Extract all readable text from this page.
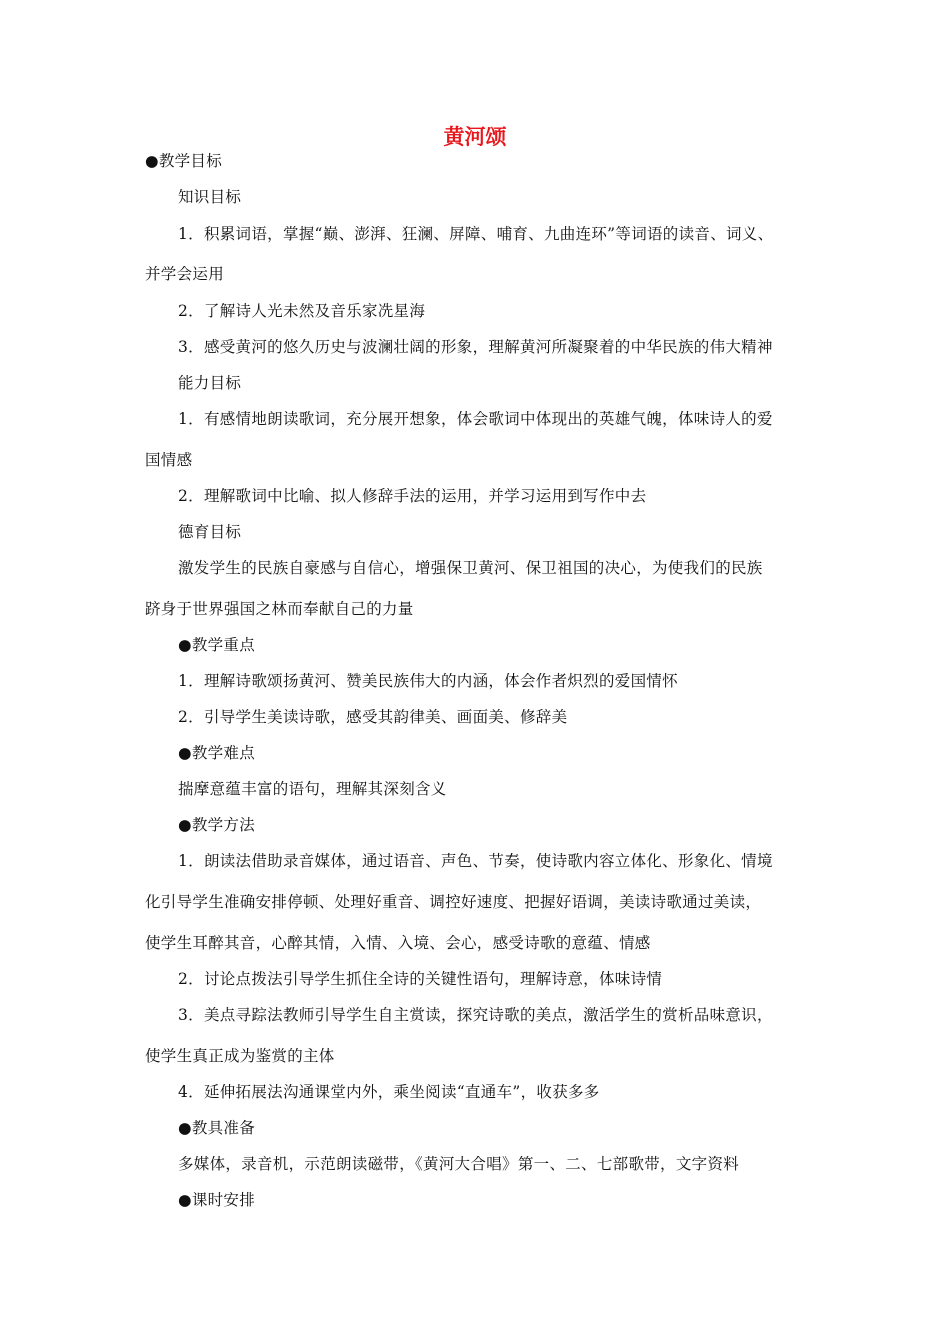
黄河颂
●教学目标
知识目标
1．积累词语，掌握“巅、澎湃、狂澜、屏障、哺育、九曲连环”等词语的读音、词义、
并学会运用
2．了解诗人光未然及音乐家冼星海
3．感受黄河的悠久历史与波澜壮阔的形象，理解黄河所凝聚着的中华民族的伟大精神
能力目标
1．有感情地朗读歌词，充分展开想象，体会歌词中体现出的英雄气魄，体味诗人的爱
国情感
2．理解歌词中比喻、拟人修辞手法的运用，并学习运用到写作中去
德育目标
激发学生的民族自豪感与自信心，增强保卫黄河、保卫祖国的决心，为使我们的民族
跻身于世界强国之林而奉献自己的力量
●教学重点
1．理解诗歌颂扬黄河、赞美民族伟大的内涵，体会作者炽烈的爱国情怀
2．引导学生美读诗歌，感受其韵律美、画面美、修辞美
●教学难点
揣摩意蕴丰富的语句，理解其深刻含义
●教学方法
1．朗读法借助录音媒体，通过语音、声色、节奏，使诗歌内容立体化、形象化、情境
化引导学生准确安排停顿、处理好重音、调控好速度、把握好语调，美读诗歌通过美读，
使学生耳醉其音，心醉其情，入情、入境、会心，感受诗歌的意蕴、情感
2．讨论点拨法引导学生抓住全诗的关键性语句，理解诗意，体味诗情
3．美点寻踪法教师引导学生自主赏读，探究诗歌的美点，激活学生的赏析品味意识，
使学生真正成为鉴赏的主体
4．延伸拓展法沟通课堂内外，乘坐阅读“直通车”，收获多多
●教具准备
多媒体，录音机，示范朗读磁带，《黄河大合唱》第一、二、七部歌带，文字资料
●课时安排
